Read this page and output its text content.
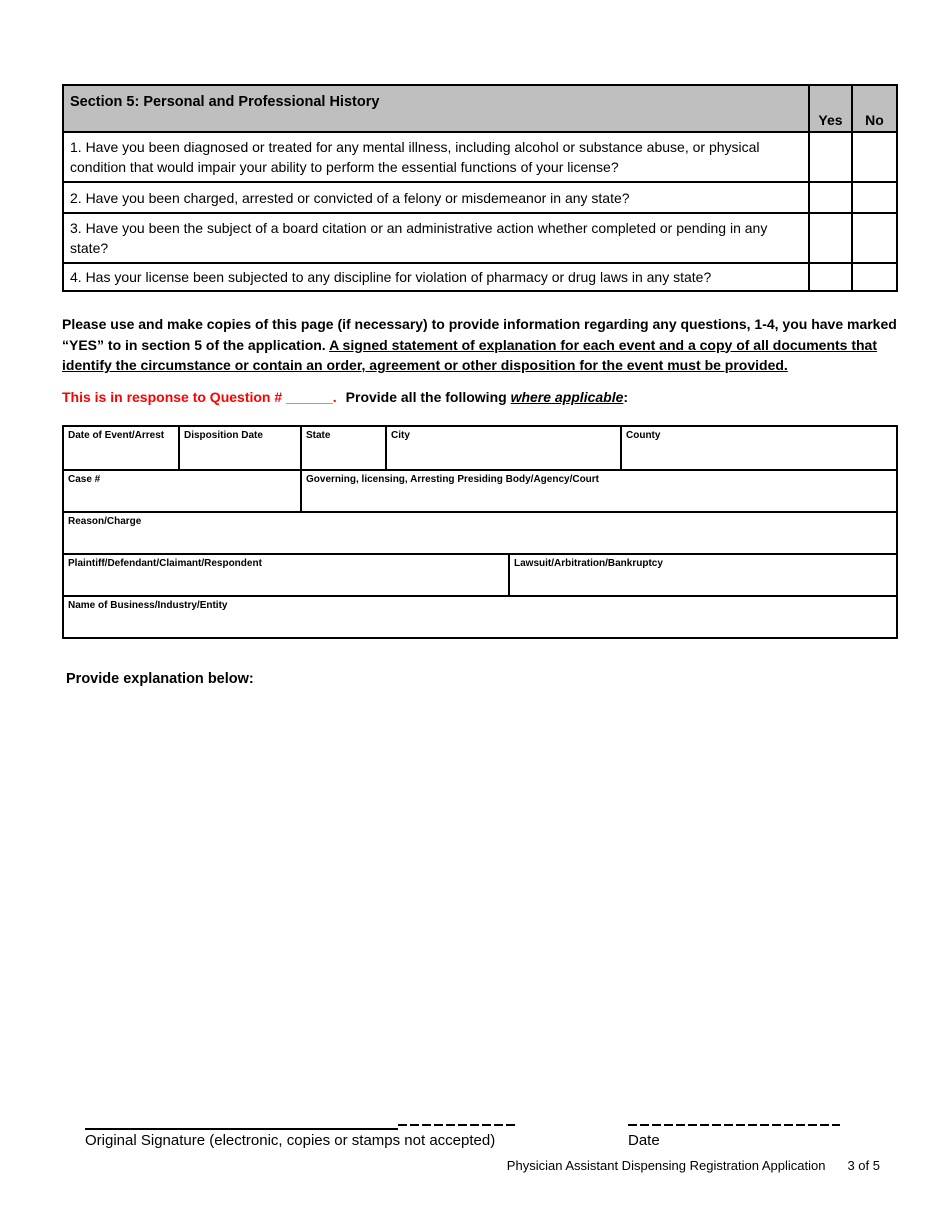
Section 5: Personal and Professional History
Yes	No
1. Have you been diagnosed or treated for any mental illness, including alcohol or substance abuse, or physical condition that would impair your ability to perform the essential functions of your license?
2. Have you been charged, arrested or convicted of a felony or misdemeanor in any state?
3. Have you been the subject of a board citation or an administrative action whether completed or pending in any state?
4. Has your license been subjected to any discipline for violation of pharmacy or drug laws in any state?
Please use and make copies of this page (if necessary) to provide information regarding any questions, 1-4, you have marked “YES” to in section 5 of the application. A signed statement of explanation for each event and a copy of all documents that identify the circumstance or contain an order, agreement or other disposition for the event must be provided.
This is in response to Question # ______. Provide all the following where applicable:
Date of Event/Arrest	Disposition Date	State	City	County
Case #	Governing, licensing, Arresting Presiding Body/Agency/Court
Reason/Charge
Plaintiff/Defendant/Claimant/Respondent	Lawsuit/Arbitration/Bankruptcy
Name of Business/Industry/Entity
Provide explanation below:
Original Signature (electronic, copies or stamps not accepted)	Date
Physician Assistant Dispensing Registration Application 3 of 5
